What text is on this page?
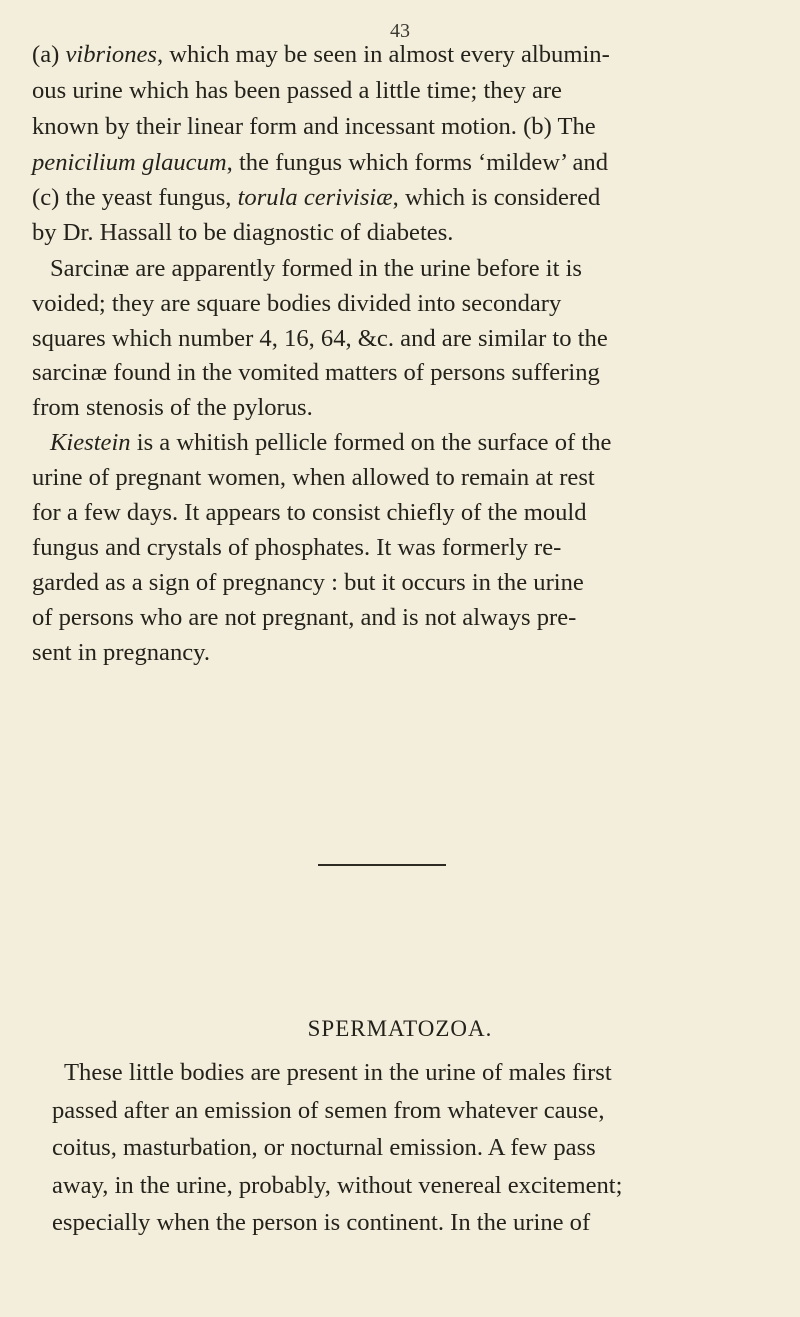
43
(a) vibriones, which may be seen in almost every albumin-
ous urine which has been passed a little time; they are
known by their linear form and incessant motion. (b) The
penicilium glaucum, the fungus which forms ‘mildew’ and
(c) the yeast fungus, torula cerivisiæ, which is considered
by Dr. Hassall to be diagnostic of diabetes.
Sarcinæ are apparently formed in the urine before it is
voided; they are square bodies divided into secondary
squares which number 4, 16, 64, &c. and are similar to the
sarcinæ found in the vomited matters of persons suffering
from stenosis of the pylorus.
Kiestein is a whitish pellicle formed on the surface of the
urine of pregnant women, when allowed to remain at rest
for a few days. It appears to consist chiefly of the mould
fungus and crystals of phosphates. It was formerly re-
garded as a sign of pregnancy : but it occurs in the urine
of persons who are not pregnant, and is not always pre-
sent in pregnancy.
SPERMATOZOA.
These little bodies are present in the urine of males first
passed after an emission of semen from whatever cause,
coitus, masturbation, or nocturnal emission. A few pass
away, in the urine, probably, without venereal excitement;
especially when the person is continent. In the urine of
